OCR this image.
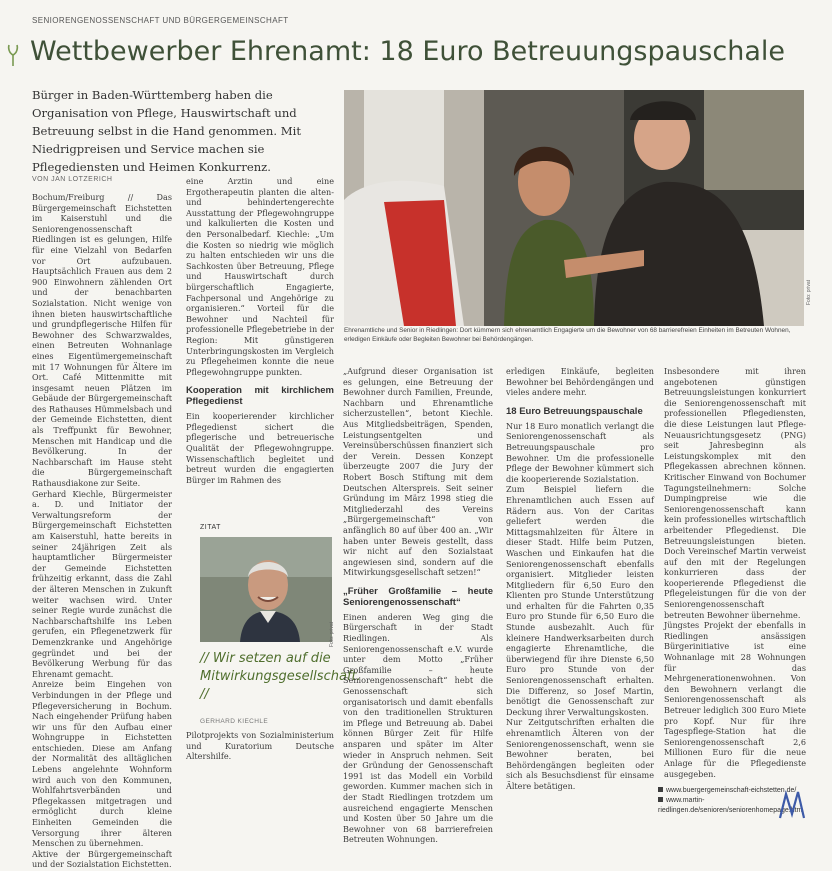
SENIORENGENOSSENSCHAFT UND BÜRGERGEMEINSCHAFT
Wettbewerber Ehrenamt: 18 Euro Betreuungspauschale
Bürger in Baden-Württemberg haben die Organisation von Pflege, Hauswirtschaft und Betreuung selbst in die Hand genommen. Mit Niedrigpreisen und Service machen sie Pflegediensten und Heimen Konkurrenz.
VON JAN LOTZERICH

Bochum/Freiburg // Das Bürgergemeinschaft Eichstetten im Kaiserstuhl und die Seniorengenossenschaft Riedlingen ist es gelungen, Hilfe für eine Vielzahl von Bedarfen vor Ort aufzubauen. Hauptsächlich Frauen aus dem 2 900 Einwohnern zählenden Ort und der benachbarten Sozialstation. Nicht wenige von ihnen bieten hauswirtschaftliche und grundpflegerische Hilfen für Bewohner des Schwarzwaldes, einen Betreuten Wohnanlage eines Eigentümergemeinschaft mit 17 Wohnungen für Ältere im Ort. Café Mittenmitte mit insgesamt neuen Plätzen im Gebäude der Bürgergemeinschaft des Rathauses Hümmelsbach und der Gemeinde Eichstetten, dient als Treffpunkt für Bewohner, Menschen mit Handicap und die Bevölkerung. In der Nachbarschaft im Hause steht die Bürgergemeinschaft Rathausdiakone zur Seite.

Gerhard Kiechle, Bürgermeister a. D. und Initiator der Verwaltungsreform der Bürgergemeinschaft Eichstetten am Kaiserstuhl, hatte bereits in seiner 24jährigen Zeit als hauptamtlicher Bürgermeister der Gemeinde Eichstetten frühzeitig erkannt, dass die Zahl der älteren Menschen in Zukunft weiter wachsen wird. Unter seiner Regie wurde zunächst die Nachbarschaftshilfe ins Leben gerufen, ein Pflegenetzwerk für Demenzkranke und Angehörige gegründet und bei der Bevölkerung Werbung für das Ehrenamt gemacht.

Anreize beim Eingehen von Verbindungen in der Pflege und Pflegeversicherung in Bochum. Nach eingehender Prüfung haben wir uns für den Aufbau einer Wohngruppe in Eichstetten entschieden. Diese am Anfang der Normalität des alltäglichen Lebens angelehnte Wohnform wird auch von den Kommunen, Wohlfahrtsverbänden und Pflegekassen mitgetragen und ermöglicht durch kleine Einheiten Gemeinden die Versorgung ihrer älteren Menschen zu übernehmen.

Aktive der Bürgergemeinschaft und der Sozialstation Eichstetten.

eine Arztin und eine Ergotherapeutin planten die alten- und behindertengerechte Ausstattung der Pflegewohngruppe und kalkulierten die Kosten und den Personalbedarf. Kiechle: „Um die Kosten so niedrig wie möglich zu halten entschieden wir uns die Sachkosten über Betreuung, Pflege und Hauswirtschaft durch bürgerschaftlich Engagierte, Fachpersonal und Angehörige zu organisieren.“ Vorteil für die Bewohner und Nachteil für professionelle Pflegebetriebe in der Region: Mit günstigeren Unterbringungskosten im Vergleich zu Pflegeheimen konnte die neue Pflegewohngruppe punkten.

Kooperation mit kirchlichem Pflegedienst

Ein kooperierender kirchlicher Pflegedienst sichert die pflegerische und betreuerische Qualität der Pflegewohngruppe. Wissenschaftlich begleitet und betreut wurden die engagierten Bürger im Rahmen des

ZITAT
Foto: privat
// Wir setzen auf die Mitwirkungsgesellschaft. //
GERHARD KIECHLE

Pilotprojekts von Sozialministerium und Kuratorium Deutsche Altershilfe.

Foto: privat
Ehrenamtliche und Senior in Riedlingen: Dort kümmern sich ehrenamtlich Engagierte um die Bewohner von 68 barrierefreien Einheiten im Betreuten Wohnen, erledigen Einkäufe oder Begleiten Bewohner bei Behördengängen.

„Aufgrund dieser Organisation ist es gelungen, eine Betreuung der Bewohner durch Familien, Freunde, Nachbarn und Ehrenamtliche sicherzustellen“, betont Kiechle. Aus Mitgliedsbeiträgen, Spenden, Leistungsentgelten und Vereinsüberschüssen finanziert sich der Verein. Dessen Konzept überzeugte 2007 die Jury der Robert Bosch Stiftung mit dem Deutschen Alterspreis. Seit seiner Gründung im März 1998 stieg die Mitgliederzahl des Vereins „Bürgergemeinschaft“ von anfänglich 80 auf über 400 an. „Wir haben unter Beweis gestellt, dass wir nicht auf den Sozialstaat angewiesen sind, sondern auf die Mitwirkungsgesellschaft setzen!“

„Früher Großfamilie – heute Seniorengenossenschaft“

Einen anderen Weg ging die Bürgerschaft in der Stadt Riedlingen. Als Seniorengenossenschaft e.V. wurde unter dem Motto „Früher Großfamilie – heute Seniorengenossenschaft“ hebt die Genossenschaft sich organisatorisch und damit ebenfalls von den traditionellen Strukturen im Pflege und Betreuung ab. Dabei können Bürger Zeit für Hilfe ansparen und später im Alter wieder in Anspruch nehmen. Seit der Gründung der Genossenschaft 1991 ist das Modell ein Vorbild geworden. Kummer machen sich in der Stadt Riedlingen trotzdem um ausreichend engagierte Menschen und Kosten über 50 Jahre um die Bewohner von 68 barrierefreien Betreuten Wohnungen.

erledigen Einkäufe, begleiten Bewohner bei Behördengängen und vieles andere mehr.

18 Euro Betreuungspauschale

Nur 18 Euro monatlich verlangt die Seniorengenossenschaft als Betreuungspauschale pro Bewohner. Um die professionelle Pflege der Bewohner kümmert sich die kooperierende Sozialstation.

Zum Beispiel liefern die Ehrenamtlichen auch Essen auf Rädern aus. Von der Caritas geliefert werden die Mittagsmahlzeiten für Ältere in dieser Stadt. Hilfe beim Putzen, Waschen und Einkaufen hat die Seniorengenossenschaft ebenfalls organisiert. Mitglieder leisten Mitgliedern für 6,50 Euro den Klienten pro Stunde Unterstützung und erhalten für die Fahrten 0,35 Euro pro Stunde für 6,50 Euro die Stunde ausbezahlt. Auch für kleinere Handwerksarbeiten durch engagierte Ehrenamtliche, die überwiegend für ihre Dienste 6,50 Euro pro Stunde von der Seniorengenossenschaft erhalten. Die Differenz, so Josef Martin, benötigt die Genossenschaft zur Deckung ihrer Verwaltungskosten.

Nur Zeitgutschriften erhalten die ehrenamtlich Älteren von der Seniorengenossenschaft, wenn sie Bewohner beraten, bei Behördengängen begleiten oder sich als Besuchsdienst für einsame Ältere betätigen.

Insbesondere mit ihren angebotenen günstigen Betreuungsleistungen konkurriert die Seniorengenossenschaft mit professionellen Pflegediensten, die diese Leistungen laut Pflege-Neuausrichtungsgesetz (PNG) seit Jahresbeginn als Leistungskomplex mit den Pflegekassen abrechnen können. Kritischer Einwand von Bochumer Tagungsteilnehmern: Solche Dumpingpreise wie die Seniorengenossenschaft kann kein professionelles wirtschaftlich arbeitender Pflegedienst. Die Betreuungsleistungen bieten. Doch Vereinschef Martin verweist auf den mit der Regelungen konkurrieren dass der kooperierende Pflegedienst die Pflegeleistungen für die von der Seniorengenossenschaft betreuten Bewohner übernehme.

Jüngstes Projekt der ebenfalls in Riedlingen ansässigen Bürgerinitiative ist eine Wohnanlage mit 28 Wohnungen für das Mehrgenerationenwohnen. Von den Bewohnern verlangt die Seniorengenossenschaft als Betreuer lediglich 300 Euro Miete pro Kopf. Nur für ihre Tagespflege-Station hat die Seniorengenossenschaft 2,6 Millionen Euro für die neue Anlage für die Pflegedienste ausgegeben.

www.buergergemeinschaft-eichstetten.de/
www.martin-riedlingen.de/senioren/seniorenhomepage.htm
